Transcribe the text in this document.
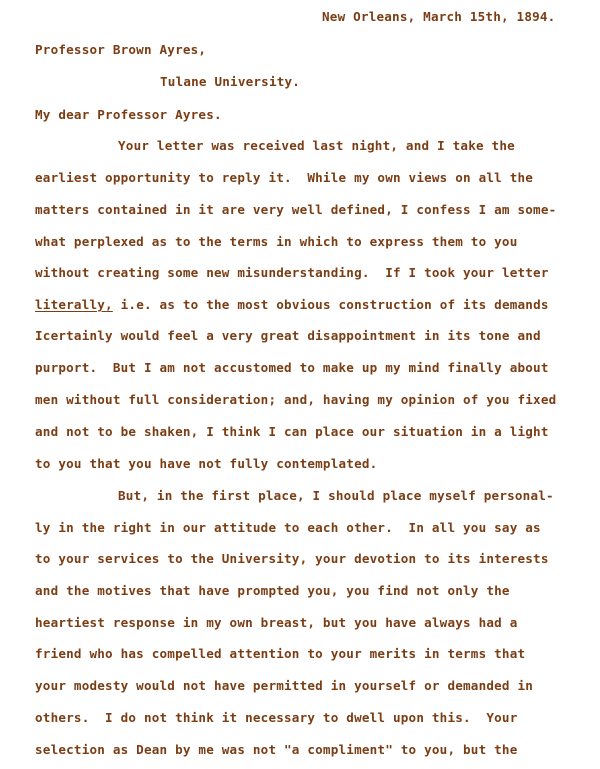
New Orleans, March 15th, 1894.
Professor Brown Ayres,
Tulane University.
My dear Professor Ayres.
Your letter was received last night, and I take the
earliest opportunity to reply it.  While my own views on all the
matters contained in it are very well defined, I confess I am some-
what perplexed as to the terms in which to express them to you
without creating some new misunderstanding.  If I took your letter
literally, i.e. as to the most obvious construction of its demands
Icertainly would feel a very great disappointment in its tone and
purport.  But I am not accustomed to make up my mind finally about
men without full consideration; and, having my opinion of you fixed
and not to be shaken, I think I can place our situation in a light
to you that you have not fully contemplated.
But, in the first place, I should place myself personal-
ly in the right in our attitude to each other.  In all you say as
to your services to the University, your devotion to its interests
and the motives that have prompted you, you find not only the
heartiest response in my own breast, but you have always had a
friend who has compelled attention to your merits in terms that
your modesty would not have permitted in yourself or demanded in
others.  I do not think it necessary to dwell upon this.  Your
selection as Dean by me was not "a compliment" to you, but the
